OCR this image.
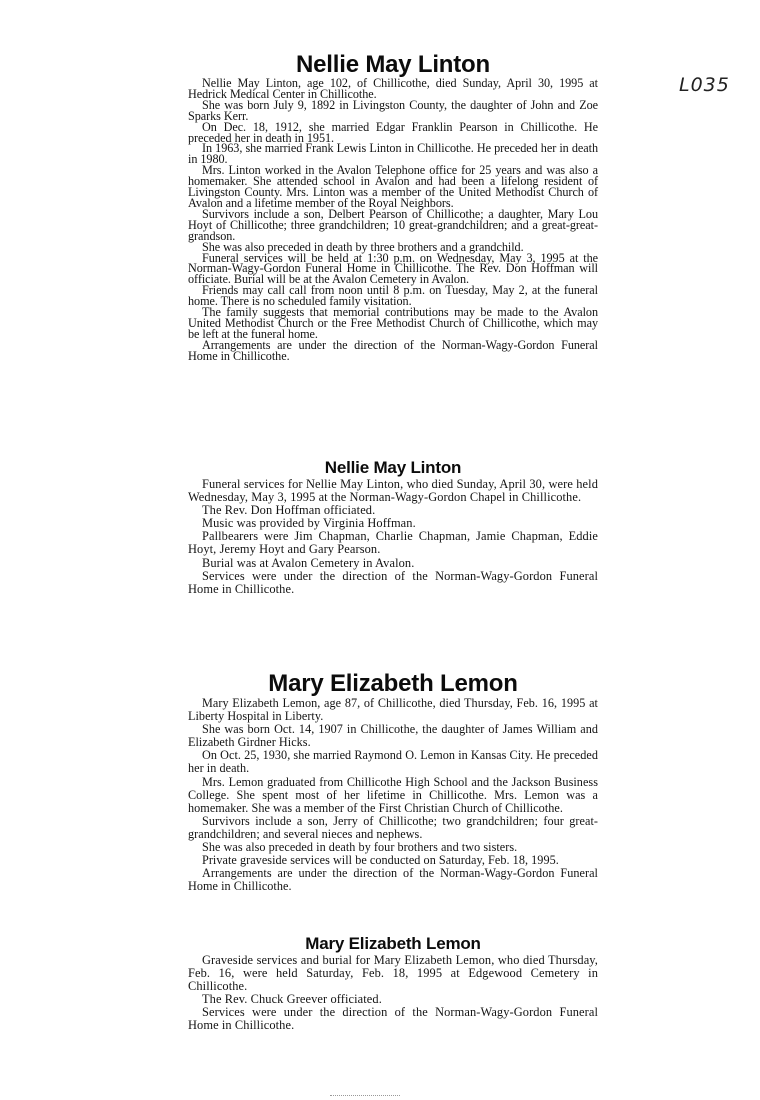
L035
Nellie May Linton

Nellie May Linton, age 102, of Chillicothe, died Sunday, April 30, 1995 at Hedrick Medical Center in Chillicothe.

She was born July 9, 1892 in Livingston County, the daughter of John and Zoe Sparks Kerr.

On Dec. 18, 1912, she married Edgar Franklin Pearson in Chillicothe. He preceded her in death in 1951.

In 1963, she married Frank Lewis Linton in Chillicothe. He preceded her in death in 1980.

Mrs. Linton worked in the Avalon Telephone office for 25 years and was also a homemaker. She attended school in Avalon and had been a lifelong resident of Livingston County. Mrs. Linton was a member of the United Methodist Church of Avalon and a lifetime member of the Royal Neighbors.

Survivors include a son, Delbert Pearson of Chillicothe; a daughter, Mary Lou Hoyt of Chillicothe; three grandchildren; 10 great-grandchildren; and a great-great-grandson.

She was also preceded in death by three brothers and a grandchild.

Funeral services will be held at 1:30 p.m. on Wednesday, May 3, 1995 at the Norman-Wagy-Gordon Funeral Home in Chillicothe. The Rev. Don Hoffman will officiate. Burial will be at the Avalon Cemetery in Avalon.

Friends may call call from noon until 8 p.m. on Tuesday, May 2, at the funeral home. There is no scheduled family visitation.

The family suggests that memorial contributions may be made to the Avalon United Methodist Church or the Free Methodist Church of Chillicothe, which may be left at the funeral home.

Arrangements are under the direction of the Norman-Wagy-Gordon Funeral Home in Chillicothe.

Nellie May Linton

Funeral services for Nellie May Linton, who died Sunday, April 30, were held Wednesday, May 3, 1995 at the Norman-Wagy-Gordon Chapel in Chillicothe.

The Rev. Don Hoffman officiated.

Music was provided by Virginia Hoffman.

Pallbearers were Jim Chapman, Charlie Chapman, Jamie Chapman, Eddie Hoyt, Jeremy Hoyt and Gary Pearson.

Burial was at Avalon Cemetery in Avalon.

Services were under the direction of the Norman-Wagy-Gordon Funeral Home in Chillicothe.

Mary Elizabeth Lemon

Mary Elizabeth Lemon, age 87, of Chillicothe, died Thursday, Feb. 16, 1995 at Liberty Hospital in Liberty.

She was born Oct. 14, 1907 in Chillicothe, the daughter of James William and Elizabeth Girdner Hicks.

On Oct. 25, 1930, she married Raymond O. Lemon in Kansas City. He preceded her in death.

Mrs. Lemon graduated from Chillicothe High School and the Jackson Business College. She spent most of her lifetime in Chillicothe. Mrs. Lemon was a homemaker. She was a member of the First Christian Church of Chillicothe.

Survivors include a son, Jerry of Chillicothe; two grandchildren; four great-grandchildren; and several nieces and nephews.

She was also preceded in death by four brothers and two sisters.

Private graveside services will be conducted on Saturday, Feb. 18, 1995.

Arrangements are under the direction of the Norman-Wagy-Gordon Funeral Home in Chillicothe.

Mary Elizabeth Lemon

Graveside services and burial for Mary Elizabeth Lemon, who died Thursday, Feb. 16, were held Saturday, Feb. 18, 1995 at Edgewood Cemetery in Chillicothe.

The Rev. Chuck Greever officiated.

Services were under the direction of the Norman-Wagy-Gordon Funeral Home in Chillicothe.
